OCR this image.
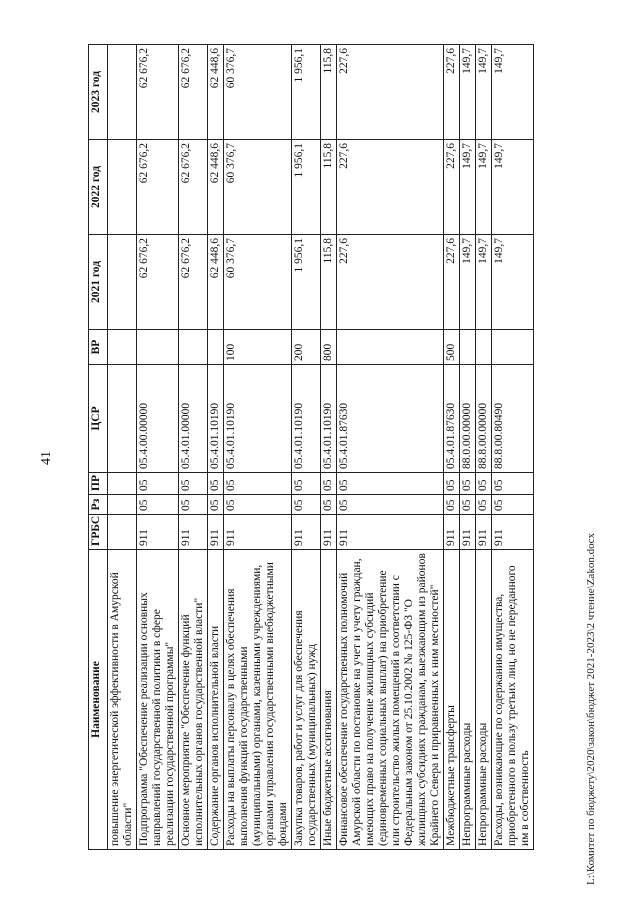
41
Наименование	ГРБС	Рз	ПР	ЦСР	ВР	2021 год	2022 год	2023 год
повышение энергетической эффективности в Амурской области"								
Подпрограмма "Обеспечение реализации основных направлений государственной политики в сфере реализации государственной программы"	911	05	05	05.4.00.00000		62 676,2	62 676,2	62 676,2
Основное мероприятие "Обеспечение функций исполнительных органов государственной власти"	911	05	05	05.4.01.00000		62 676,2	62 676,2	62 676,2
Содержание органов исполнительной власти	911	05	05	05.4.01.10190		62 448,6	62 448,6	62 448,6
Расходы на выплаты персоналу в целях обеспечения выполнения функций государственными (муниципальными) органами, казенными учреждениями, органами управления государственными внебюджетными фондами	911	05	05	05.4.01.10190	100	60 376,7	60 376,7	60 376,7
Закупка товаров, работ и услуг для обеспечения государственных (муниципальных) нужд	911	05	05	05.4.01.10190	200	1 956,1	1 956,1	1 956,1
Иные бюджетные ассигнования	911	05	05	05.4.01.10190	800	115,8	115,8	115,8
Финансовое обеспечение государственных полномочий Амурской области по постановке на учет и учету граждан, имеющих право на получение жилищных субсидий (единовременных социальных выплат) на приобретение или строительство жилых помещений в соответствии с Федеральным законом от 25.10.2002 № 125-ФЗ "О жилищных субсидиях гражданам, выезжающим из районов Крайнего Севера и приравненных к ним местностей"	911	05	05	05.4.01.87630		227,6	227,6	227,6
Межбюджетные трансферты	911	05	05	05.4.01.87630	500	227,6	227,6	227,6
Непрограммные расходы	911	05	05	88.0.00.00000		149,7	149,7	149,7
Непрограммные расходы	911	05	05	88.8.00.00000		149,7	149,7	149,7
Расходы, возникающие по содержанию имущества, приобретенного в пользу третьих лиц, но не переданного им в собственность	911	05	05	88.8.00.80490		149,7	149,7	149,7
L:\Комитет по бюджету\2020\закон\бюджет 2021-2023\2 чтение\Zakon.docx
